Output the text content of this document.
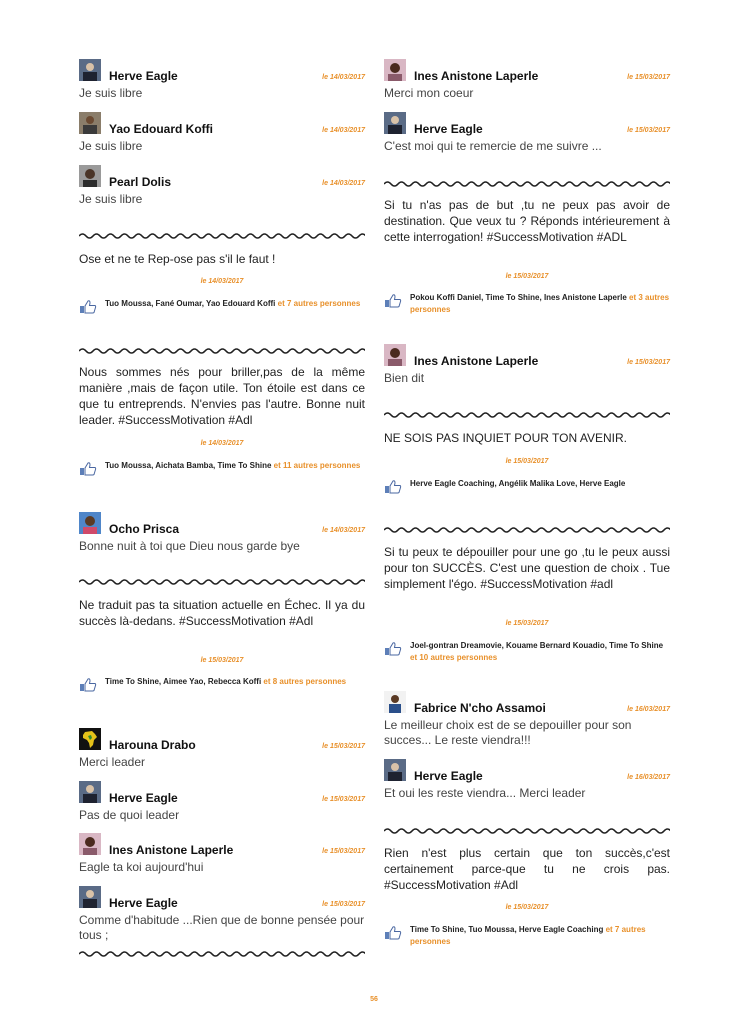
Herve Eagle	le 14/03/2017
Je suis libre
Yao Edouard Koffi	le 14/03/2017
Je suis libre
Pearl Dolis	le 14/03/2017
Je suis libre
Ose et ne te Rep-ose pas s'il le faut !
le 14/03/2017
Tuo Moussa, Fané Oumar, Yao Edouard Koffi et 7 autres personnes
Nous sommes nés pour briller,pas de la même manière ,mais de façon utile. Ton étoile est dans ce que tu entreprends. N'envies pas l'autre. Bonne nuit leader. #SuccessMotivation #Adl
le 14/03/2017
Tuo Moussa, Aichata Bamba, Time To Shine et 11 autres personnes
Ocho Prisca	le 14/03/2017
Bonne nuit à toi que Dieu nous garde bye
Ne traduit pas ta situation actuelle en Échec. Il ya du succès là-dedans. #SuccessMotivation #Adl
le 15/03/2017
Time To Shine, Aimee Yao, Rebecca Koffi et 8 autres personnes
Harouna Drabo	le 15/03/2017
Merci leader
Herve Eagle	le 15/03/2017
Pas de quoi leader
Ines Anistone Laperle	le 15/03/2017
Eagle ta koi aujourd'hui
Herve Eagle	le 15/03/2017
Comme d'habitude ...Rien que de bonne pensée pour tous ;
Ines Anistone Laperle	le 15/03/2017
Merci mon coeur
Herve Eagle	le 15/03/2017
C'est moi qui te remercie de me suivre ...
Si tu n'as pas de but ,tu ne peux pas avoir de destination. Que veux tu ? Réponds intérieurement à cette interrogation! #SuccessMotivation #ADL
le 15/03/2017
Pokou Koffi Daniel, Time To Shine, Ines Anistone Laperle et 3 autres personnes
Ines Anistone Laperle	le 15/03/2017
Bien dit
NE SOIS PAS INQUIET POUR TON AVENIR.
le 15/03/2017
Herve Eagle Coaching, Angélik Malika Love, Herve Eagle
Si tu peux te dépouiller pour une go ,tu le peux aussi pour ton SUCCÈS. C'est une question de choix . Tue simplement l'égo. #SuccessMotivation #adl
le 15/03/2017
Joel-gontran Dreamovie, Kouame Bernard Kouadio, Time To Shine et 10 autres personnes
Fabrice N'cho Assamoi	le 16/03/2017
Le meilleur choix est de se depouiller pour son succes... Le reste viendra!!!
Herve Eagle	le 16/03/2017
Et oui les reste viendra... Merci leader
Rien n'est plus certain que ton succès,c'est certainement parce-que tu ne crois pas. #SuccessMotivation #Adl
le 15/03/2017
Time To Shine, Tuo Moussa, Herve Eagle Coaching et 7 autres personnes
56
